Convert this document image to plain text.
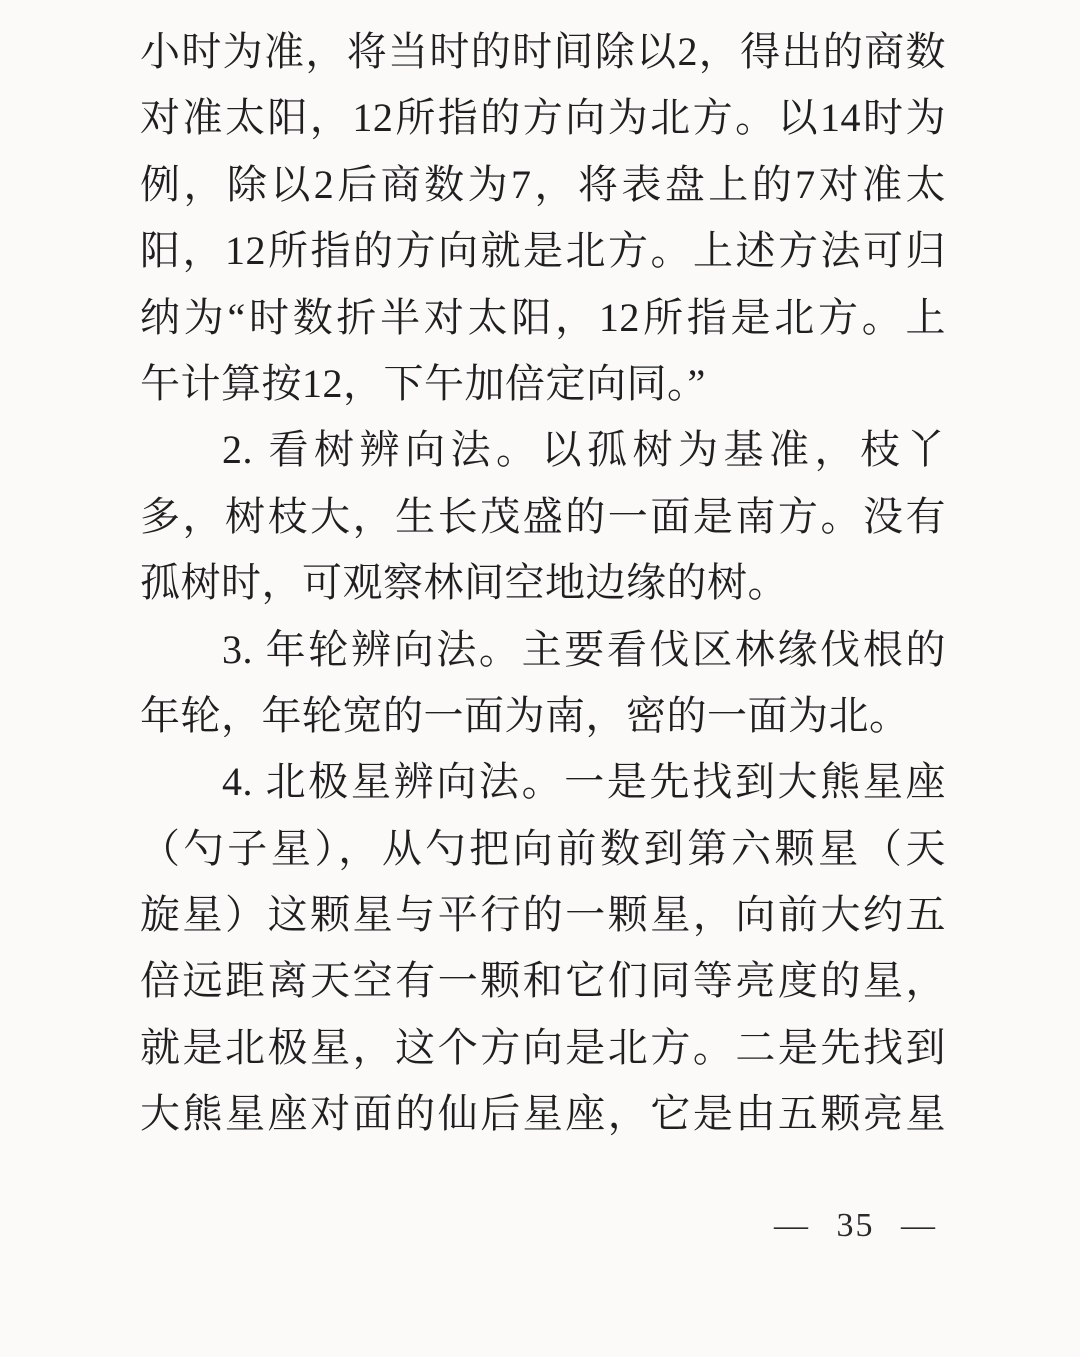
小时为准，将当时的时间除以2，得出的商数
对准太阳，12所指的方向为北方。以14时为
例，除以2后商数为7，将表盘上的7对准太
阳，12所指的方向就是北方。上述方法可归
纳为“时数折半对太阳，12所指是北方。上
午计算按12，下午加倍定向同。”
2. 看树辨向法。以孤树为基准，枝丫
多，树枝大，生长茂盛的一面是南方。没有
孤树时，可观察林间空地边缘的树。
3. 年轮辨向法。主要看伐区林缘伐根的
年轮，年轮宽的一面为南，密的一面为北。
4. 北极星辨向法。一是先找到大熊星座
（勺子星），从勺把向前数到第六颗星（天
旋星）这颗星与平行的一颗星，向前大约五
倍远距离天空有一颗和它们同等亮度的星，
就是北极星，这个方向是北方。二是先找到
大熊星座对面的仙后星座，它是由五颗亮星
— 35 —
